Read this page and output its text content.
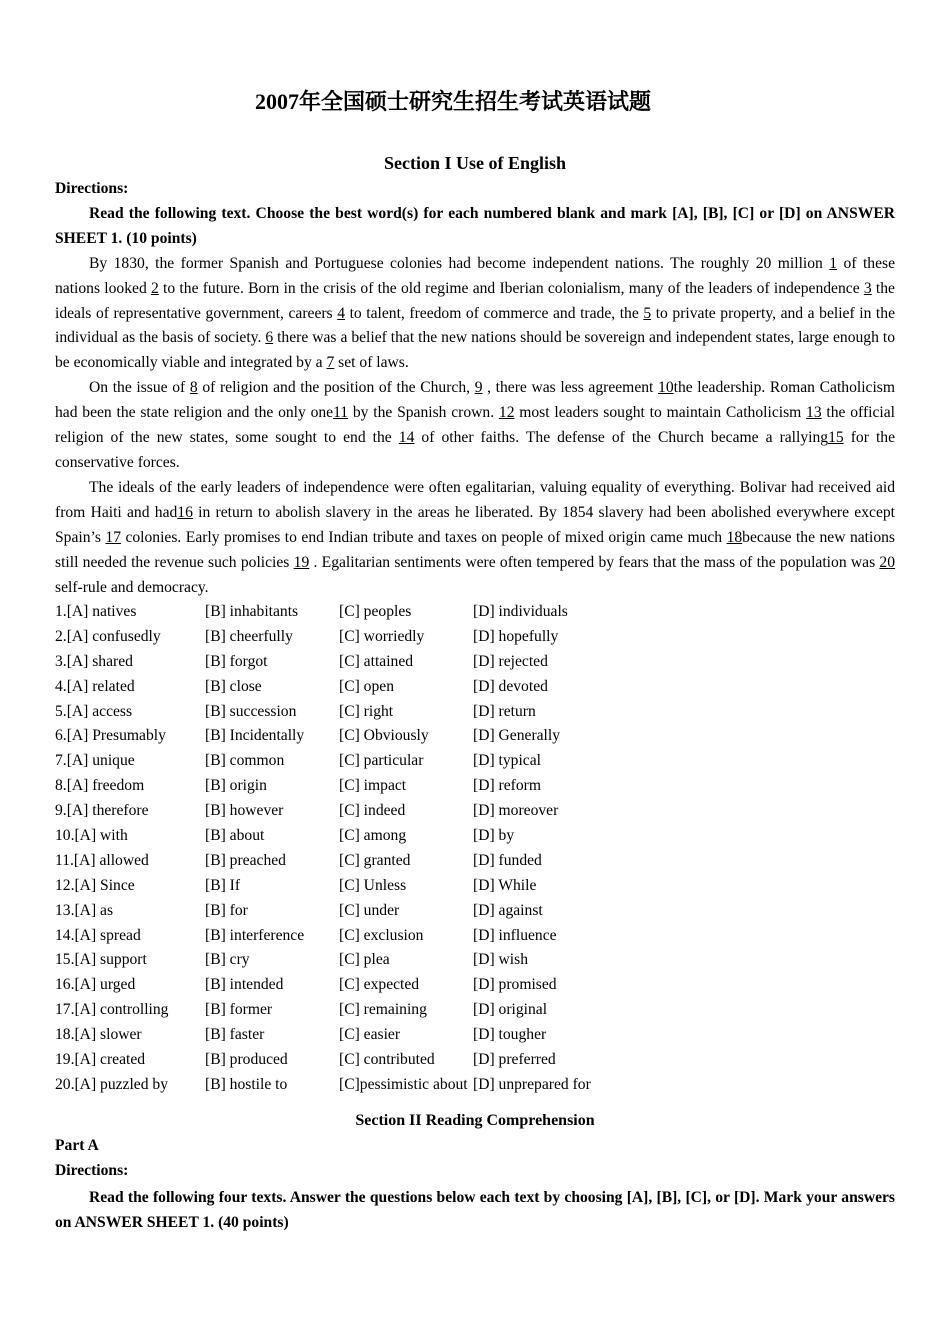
2007年全国硕士研究生招生考试英语试题
Section I Use of English
Directions:

Read the following text. Choose the best word(s) for each numbered blank and mark [A], [B], [C] or [D] on ANSWER SHEET 1. (10 points)

By 1830, the former Spanish and Portuguese colonies had become independent nations. The roughly 20 million 1 of these nations looked 2 to the future. Born in the crisis of the old regime and Iberian colonialism, many of the leaders of independence 3 the ideals of representative government, careers 4 to talent, freedom of commerce and trade, the 5 to private property, and a belief in the individual as the basis of society. 6 there was a belief that the new nations should be sovereign and independent states, large enough to be economically viable and integrated by a 7 set of laws.

On the issue of 8 of religion and the position of the Church, 9 , there was less agreement 10the leadership. Roman Catholicism had been the state religion and the only one11 by the Spanish crown. 12 most leaders sought to maintain Catholicism 13 the official religion of the new states, some sought to end the 14 of other faiths. The defense of the Church became a rallying15 for the conservative forces.

The ideals of the early leaders of independence were often egalitarian, valuing equality of everything. Bolivar had received aid from Haiti and had16 in return to abolish slavery in the areas he liberated. By 1854 slavery had been abolished everywhere except Spain’s 17 colonies. Early promises to end Indian tribute and taxes on people of mixed origin came much 18because the new nations still needed the revenue such policies 19 . Egalitarian sentiments were often tempered by fears that the mass of the population was 20 self-rule and democracy.

1.[A] natives	[B] inhabitants	[C] peoples	[D] individuals
2.[A] confusedly	[B] cheerfully	[C] worriedly	[D] hopefully
3.[A] shared	[B] forgot	[C] attained	[D] rejected
4.[A] related	[B] close	[C] open	[D] devoted
5.[A] access	[B] succession	[C] right	[D] return
6.[A] Presumably	[B] Incidentally [C] Obviously	[D] Generally
7.[A] unique	[B] common	[C] particular	[D] typical
8.[A] freedom	[B] origin	[C] impact	[D] reform
9.[A] therefore	[B] however	[C] indeed	[D] moreover
10.[A] with	[B] about	[C] among	[D] by
11.[A] allowed	[B] preached	[C] granted	[D] funded
12.[A] Since	[B] If	[C] Unless	[D] While
13.[A] as	[B] for	[C] under	[D] against
14.[A] spread	[B] interference [C] exclusion	[D] influence
15.[A] support	[B] cry	[C] plea	[D] wish
16.[A] urged	[B] intended	[C] expected	[D] promised
17.[A] controlling [B] former	[C] remaining	[D] original
18.[A] slower	[B] faster	[C] easier	[D] tougher
19.[A] created	[B] produced	[C] contributed [D] preferred
20.[A] puzzled by [B] hostile to	[C]pessimistic about [D] unprepared for
Section II Reading Comprehension
Part A
Directions:

Read the following four texts. Answer the questions below each text by choosing [A], [B], [C], or [D]. Mark your answers on ANSWER SHEET 1. (40 points)
